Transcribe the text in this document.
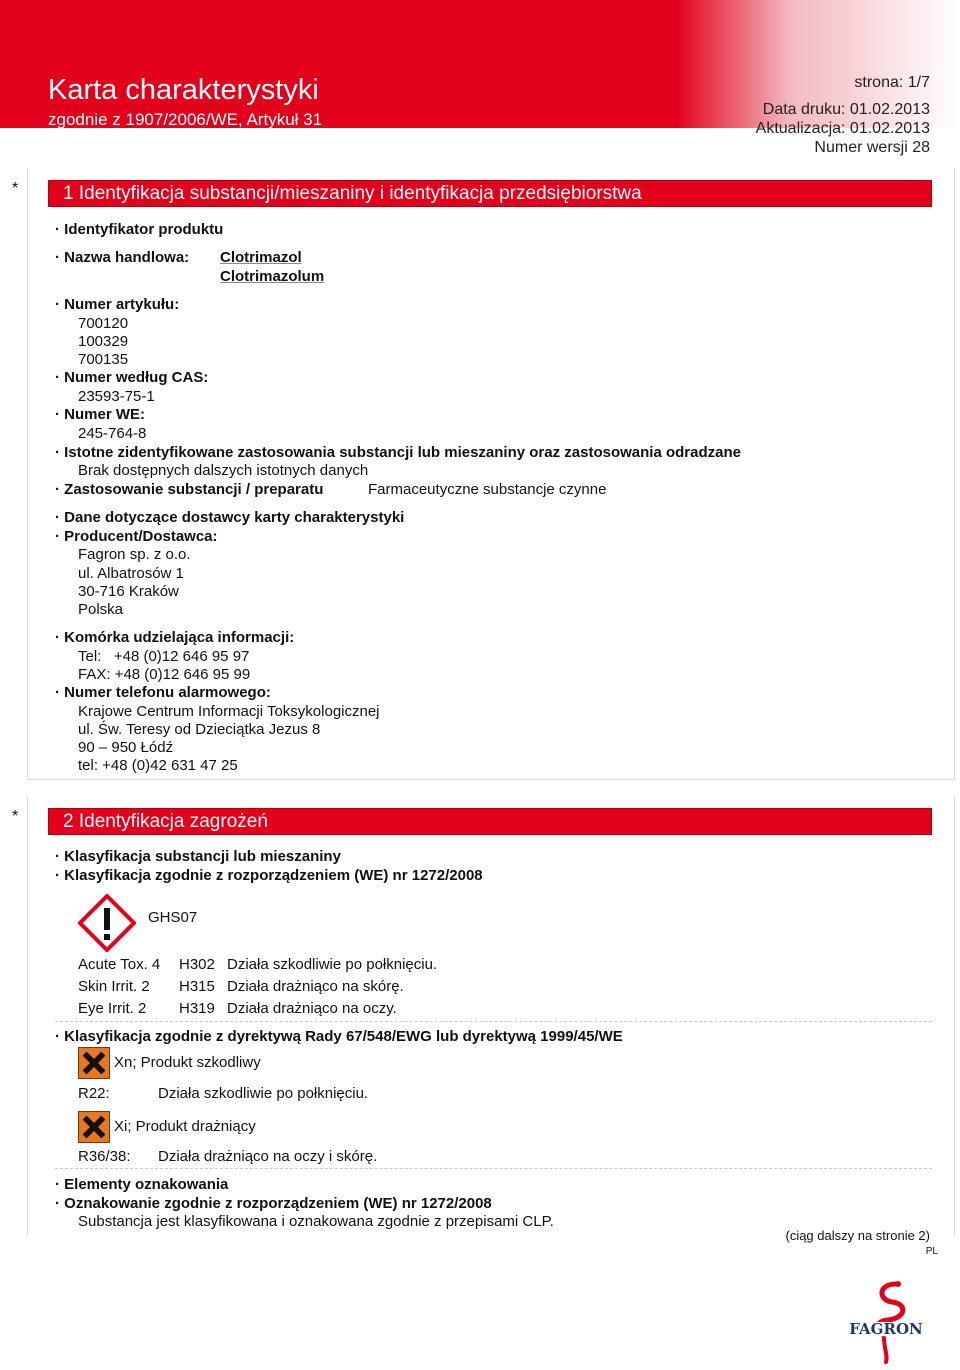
Karta charakterystyki
zgodnie z 1907/2006/WE, Artykuł 31
strona: 1/7
Data druku: 01.02.2013
Aktualizacja: 01.02.2013
Numer wersji 28
*	1 Identyfikacja substancji/mieszaniny i identyfikacja przedsiębiorstwa
· Identyfikator produktu
· Nazwa handlowa: Clotrimazol
Clotrimazolum
· Numer artykułu:
700120
100329
700135
· Numer według CAS:
23593-75-1
· Numer WE:
245-764-8
· Istotne zidentyfikowane zastosowania substancji lub mieszaniny oraz zastosowania odradzane
Brak dostępnych dalszych istotnych danych
· Zastosowanie substancji / preparatu	Farmaceutyczne substancje czynne
· Dane dotyczące dostawcy karty charakterystyki
· Producent/Dostawca:
Fagron sp. z o.o.
ul. Albatrosów 1
30-716 Kraków
Polska
· Komórka udzielająca informacji:
Tel:   +48 (0)12 646 95 97
FAX: +48 (0)12 646 95 99
· Numer telefonu alarmowego:
Krajowe Centrum Informacji Toksykologicznej
ul. Św. Teresy od Dzieciątka Jezus 8
90 – 950 Łódź
tel: +48 (0)42 631 47 25
*	2 Identyfikacja zagrożeń
· Klasyfikacja substancji lub mieszaniny
· Klasyfikacja zgodnie z rozporządzeniem (WE) nr 1272/2008
GHS07
Acute Tox. 4 H302 Działa szkodliwie po połknięciu.
Skin Irrit. 2 H315 Działa drażniąco na skórę.
Eye Irrit. 2 H319 Działa drażniąco na oczy.
· Klasyfikacja zgodnie z dyrektywą Rady 67/548/EWG lub dyrektywą 1999/45/WE
Xn; Produkt szkodliwy
R22:	Działa szkodliwie po połknięciu.
Xi; Produkt drażniący
R36/38: Działa drażniąco na oczy i skórę.
· Elementy oznakowania
· Oznakowanie zgodnie z rozporządzeniem (WE) nr 1272/2008
Substancja jest klasyfikowana i oznakowana zgodnie z przepisami CLP.
(ciąg dalszy na stronie 2)
PL
FAGRON
